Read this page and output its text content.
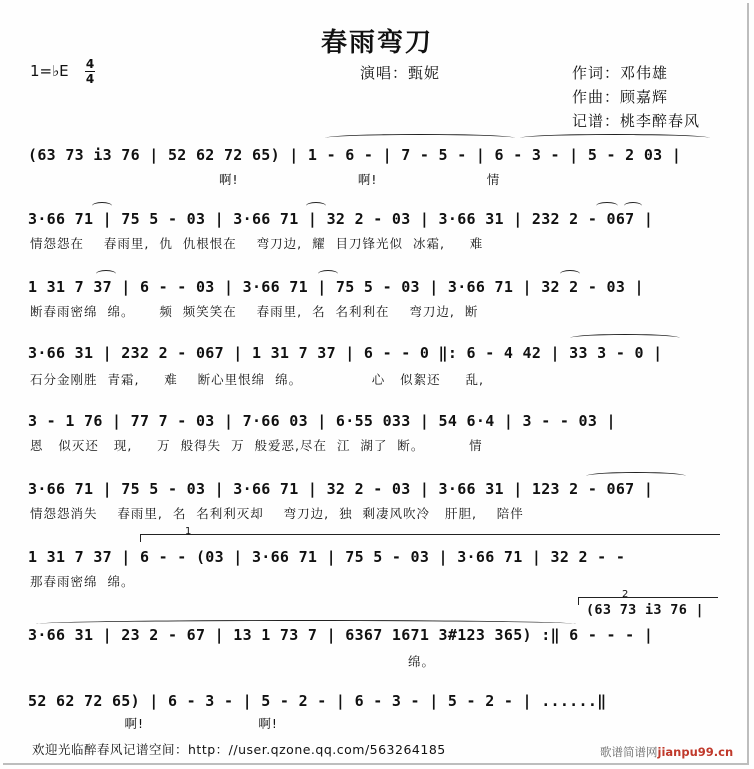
春雨弯刀
1=♭E 4
4	演唱：甄妮	作词：邓伟雄
作曲：顾嘉辉
记谱：桃李醉春风
(63 73 i3 76 | 52 62 72 65) | 1 - 6 - | 7 - 5 - | 6 - 3 - | 5 - 2 03 |
啊!                        啊!                      情
3·66 71 | 75 5 - 03 | 3·66 71 | 32 2 - 03 | 3·66 31 | 232 2 - 067 |
情怨怨在    春雨里,  仇  仇根恨在    弯刀边,  耀  目刀锋光似  冰霜,     难
1 31 7 37 | 6 - - 03 | 3·66 71 | 75 5 - 03 | 3·66 71 | 32 2 - 03 |
断春雨密绵  绵。     频  频笑笑在    春雨里,  名  名利利在    弯刀边,  断
3·66 31 | 232 2 - 067 | 1 31 7 37 | 6 - - 0 ‖: 6 - 4 42 | 33 3 - 0 |
石分金刚胜  青霜,     难    断心里恨绵  绵。              心   似絮还     乱,
3 - 1 76 | 77 7 - 03 | 7·66 03 | 6·55 033 | 54 6·4 | 3 - - 03 |
恩   似灭还   现,     万  般得失  万  般爱恶,尽在  江  湖了  断。         情
3·66 71 | 75 5 - 03 | 3·66 71 | 32 2 - 03 | 3·66 31 | 123 2 - 067 |
情怨怨消失    春雨里,  名  名利利灭却    弯刀边,  独  剩凄风吹冷   肝胆,    陪伴
1
1 31 7 37 | 6 - - (03 | 3·66 71 | 75 5 - 03 | 3·66 71 | 32 2 - -
那春雨密绵  绵。
2
(63 73 i3 76 |
3·66 31 | 23 2 - 67 | 13 1 73 7 | 6367 1671 3#123 365) :‖ 6 - - - |
绵。
52 62 72 65) | 6 - 3 - | 5 - 2 - | 6 - 3 - | 5 - 2 - | ......‖
啊!                       啊!
欢迎光临醉春风记谱空间：http：//user.qzone.qq.com/563264185	歌谱简谱网jianpu99.cn
